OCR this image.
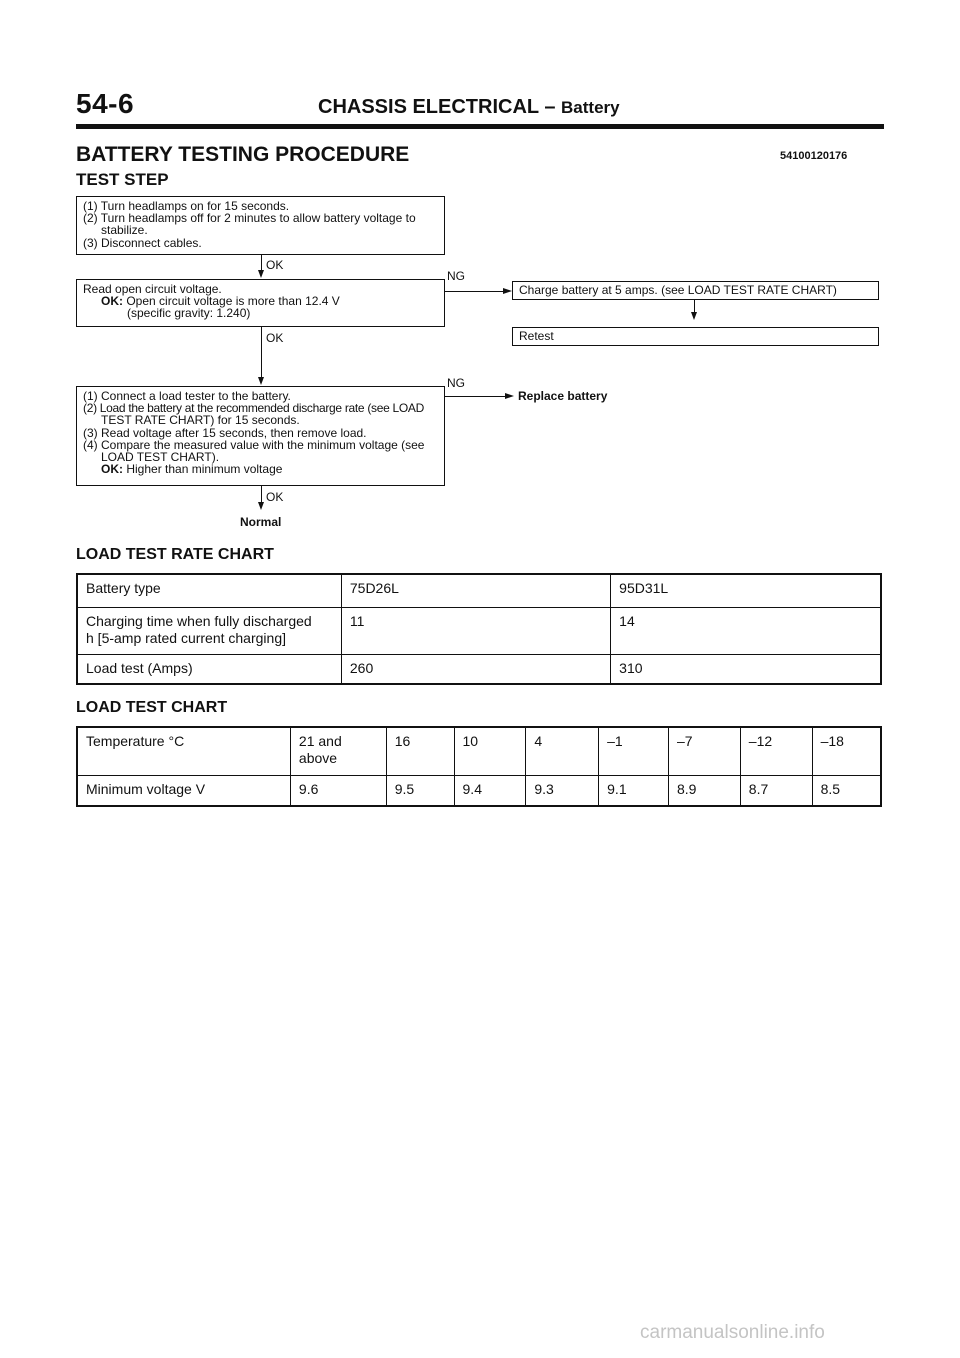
54-6	CHASSIS ELECTRICAL – Battery
BATTERY TESTING PROCEDURE	54100120176
TEST STEP
(1) Turn headlamps on for 15 seconds.
(2) Turn headlamps off for 2 minutes to allow battery voltage to
stabilize.
(3) Disconnect cables.
OK
Read open circuit voltage.
OK: Open circuit voltage is more than 12.4 V
(specific gravity: 1.240)
NG
Charge battery at 5 amps. (see LOAD TEST RATE CHART)
Retest
OK
(1) Connect a load tester to the battery.
(2) Load the battery at the recommended discharge rate (see LOAD
TEST RATE CHART) for 15 seconds.
(3) Read voltage after 15 seconds, then remove load.
(4) Compare the measured value with the minimum voltage (see
LOAD TEST CHART).
OK: Higher than minimum voltage
NG
Replace battery
OK
Normal
LOAD TEST RATE CHART
Battery type	75D26L	95D31L
Charging time when fully discharged
h [5-amp rated current charging]	11	14
Load test (Amps)	260	310
LOAD TEST CHART
Temperature °C	21 and
above	16	10	4	–1	–7	–12	–18
Minimum voltage V	9.6	9.5	9.4	9.3	9.1	8.9	8.7	8.5
carmanualsonline.info
